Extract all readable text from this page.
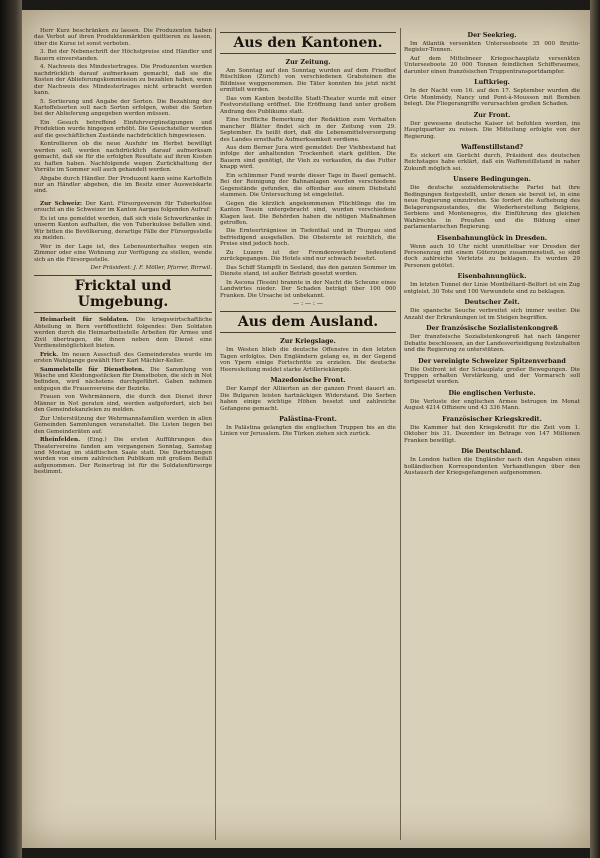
Herr Kurz beschränken zu lassen. Die Produzenten haben das Verbot auf ihren Produktenmärkten quittieren zu lassen, über die Kurse ist sonst verboten.

3. Bei der Nebenschrift der Höchstpreise sind Händler und Bauern einverstanden.

4. Nachweis des Mindestertrages. Die Produzenten werden nachdrücklich darauf aufmerksam gemacht, daß sie die Kosten der Ablieferungskommission zu bezahlen haben, wenn der Nachweis des Mindestertrages nicht erbracht werden kann.

5. Sortierung und Angabe der Sorten. Die Bezahlung der Kartoffelsorten soll nach Sorten erfolgen, wobei die Sorten bei der Ablieferung angegeben werden müssen.

Ein Gesuch betreffend Einfuhrvergünstigungen und Produktion wurde hingegen erhöht. Die Gesuchsteller werden auf die geschäftlichen Zustände nachdrücklich hingewiesen.

Kontrollieren ob die neue Ausfuhr im Herbst bewilligt werden soll, werden nachdrücklich darauf aufmerksam gemacht, daß sie für die erfolgten Resultate auf ihren Kosten zu haften haben. Nachfolgende wegen Zurückhaltung der Vorräte im Sommer soll auch gehandelt werden.

Abgabe durch Händler. Der Produzent kann seine Kartoffeln nur an Händler abgeben, die im Besitz einer Ausweiskarte sind.

Zur Schweiz: Der Kant. Fürsorgeverein für Tuberkulöse ersucht an die Schweizer im Kanton Aargau folgenden Aufruf:

Es ist uns gemeldet worden, daß sich viele Schwerkranke in unserm Kanton aufhalten, die von Tuberkulose befallen sind. Wir bitten die Bevölkerung, derartige Fälle der Fürsorgestelle zu melden.

Wer in der Lage ist, des Lebensunterhaltes wegen ein Zimmer oder eine Wohnung zur Verfügung zu stellen, wende sich an die Fürsorgestelle.

Der Präsident: J. F. Möller, Pfarrer, Birrwil.

Fricktal und Umgebung.

Heimarbeit für Soldaten. Die kriegswirtschaftliche Abteilung in Bern veröffentlicht folgendes: Den Soldaten werden durch die Heimarbeitsstelle Arbeiten für Armee und Zivil übertragen, die ihnen neben dem Dienst eine Verdienstmöglichkeit bieten.

Frick. Im neuen Ausschuß des Gemeinderates wurde im ersten Wahlgange gewählt Herr Karl Mächler-Keller.

Sammelstelle für Dienstboten. Die Sammlung von Wäsche und Kleidungsstücken für Dienstboten, die sich in Not befinden, wird nächstens durchgeführt. Gaben nehmen entgegen die Frauenvereine der Bezirke.

Frauen von Wehrmännern, die durch den Dienst ihrer Männer in Not geraten sind, werden aufgefordert, sich bei den Gemeindekanzleien zu melden.

Zur Unterstützung der Wehrmannsfamilien werden in allen Gemeinden Sammlungen veranstaltet. Die Listen liegen bei den Gemeinderäten auf.

Rheinfelden. (Eing.) Die ersten Aufführungen des Theatervereins fanden am vergangenen Sonntag, Samstag und Montag im städtischen Saale statt. Die Darbietungen wurden von einem zahlreichen Publikum mit großem Beifall aufgenommen. Der Reinertrag ist für die Soldatenfürsorge bestimmt.

Aus den Kantonen.
Zur Zeitung.

Am Sonntag auf den Sonntag wurden auf dem Friedhof Rüschlikon (Zürich) von verschiedenen Grabsteinen die Bildnisse weggenommen. Die Täter konnten bis jetzt nicht ermittelt werden.

Das vom Kanton bestellte Stadt-Theater wurde mit einer Festvorstellung eröffnet. Die Eröffnung fand unter großem Andrang des Publikums statt.

Eine treffliche Bemerkung der Redaktion zum Verhalten mancher Blätter findet sich in der Zeitung vom 29. September. Es heißt dort, daß die Lebensmittelversorgung des Landes ernsthafte Aufmerksamkeit verdiene.

Aus dem Berner Jura wird gemeldet: Der Viehbestand hat infolge der anhaltenden Trockenheit stark gelitten. Die Bauern sind genötigt, ihr Vieh zu verkaufen, da das Futter knapp wird.

Ein schlimmer Fund wurde dieser Tage in Basel gemacht. Bei der Reinigung der Bahnanlagen wurden verschiedene Gegenstände gefunden, die offenbar aus einem Diebstahl stammen. Die Untersuchung ist eingeleitet.

Gegen die kürzlich angekommenen Flüchtlinge die im Kanton Tessin untergebracht sind, wurden verschiedene Klagen laut. Die Behörden haben die nötigen Maßnahmen getroffen.

Die Ernteerträgnisse in Tiefenthal und in Thurgau sind befriedigend ausgefallen. Die Obsternte ist reichlich, die Preise sind jedoch hoch.

Zu Luzern ist der Fremdenverkehr bedeutend zurückgegangen. Die Hotels sind nur schwach besetzt.

Das Schiff Stampfli in Seeland, das den ganzen Sommer im Dienste stand, ist außer Betrieb gesetzt worden.

In Ascona (Tessin) brannte in der Nacht die Scheune eines Landwirtes nieder. Der Schaden beträgt über 100 000 Franken. Die Ursache ist unbekannt.

— : — : —
Aus dem Ausland.
Zur Kriegslage.

Im Westen blieb die deutsche Offensive in den letzten Tagen erfolglos. Den Engländern gelang es, in der Gegend von Ypern einige Fortschritte zu erzielen. Die deutsche Heeresleitung meldet starke Artilleriekämpfe.

Mazedonische Front.

Der Kampf der Alliierten an der ganzen Front dauert an. Die Bulgaren leisten hartnäckigen Widerstand. Die Serben haben einige wichtige Höhen besetzt und zahlreiche Gefangene gemacht.

Palästina-Front.

In Palästina gelangten die englischen Truppen bis an die Linien vor Jerusalem. Die Türken ziehen sich zurück.

Der Seekrieg.

Im Atlantik versenkten Unterseeboote 35 000 Brutto-Register-Tonnen.

Auf dem Mittelmeer Kriegsschauplatz versenkten Unterseeboote 20 000 Tonnen feindlichen Schiffsraumes, darunter einen französischen Truppentransportdampfer.

Luftkrieg.

In der Nacht vom 16. auf den 17. September wurden die Orte Montmédy, Nancy und Pont-à-Mousson mit Bomben belegt. Die Fliegerangriffe verursachten großen Schaden.

Zur Front.

Der gewesene deutsche Kaiser ist befohlen worden, ins Hauptquartier zu reisen. Die Mitteilung erfolgte von der Regierung.

Waffenstillstand?

Es sickert ein Gerücht durch, Präsident des deutschen Reichstages habe erklärt, daß ein Waffenstillstand in naher Zukunft möglich sei.

Unsere Bedingungen.

Die deutsche sozialdemokratische Partei hat ihre Bedingungen festgestellt, unter denen sie bereit ist, in eine neue Regierung einzutreten. Sie fordert die Aufhebung des Belagerungszustandes, die Wiederherstellung Belgiens, Serbiens und Montenegros, die Einführung des gleichen Wahlrechts in Preußen und die Bildung einer parlamentarischen Regierung.

Eisenbahnunglück in Dresden.

Wenn auch 10 Uhr nicht unmittelbar vor Dresden der Personenzug mit einem Güterzuge zusammenstieß, so sind doch zahlreiche Verletzte zu beklagen. Es wurden 29 Personen getötet.

Eisenbahnunglück.

Im letzten Tunnel der Linie Montbéliard–Belfort ist ein Zug entgleist. 30 Tote und 100 Verwundete sind zu beklagen.

Deutscher Zeit.

Die spanische Seuche verbreitet sich immer weiter. Die Anzahl der Erkrankungen ist im Steigen begriffen.

Der französische Sozialistenkongreß

Der französische Sozialistenkongreß hat nach längerer Debatte beschlossen, an der Landesverteidigung festzuhalten und die Regierung zu unterstützen.

Der vereinigte Schweizer Spitzenverband

Die Ostfront ist der Schauplatz großer Bewegungen. Die Truppen erhalten Verstärkung, und der Vormarsch soll fortgesetzt werden.

Die englischen Verluste.

Die Verluste der englischen Armee betrugen im Monat August 4214 Offiziere und 43 336 Mann.

Französischer Kriegskredit.

Die Kammer hat den Kriegskredit für die Zeit vom 1. Oktober bis 31. Dezember im Betrage von 147 Millionen Franken bewilligt.

Die Deutschland.

In London hatten die Engländer nach den Angaben eines holländischen Korrespondenten Verhandlungen über den Austausch der Kriegsgefangenen aufgenommen.
